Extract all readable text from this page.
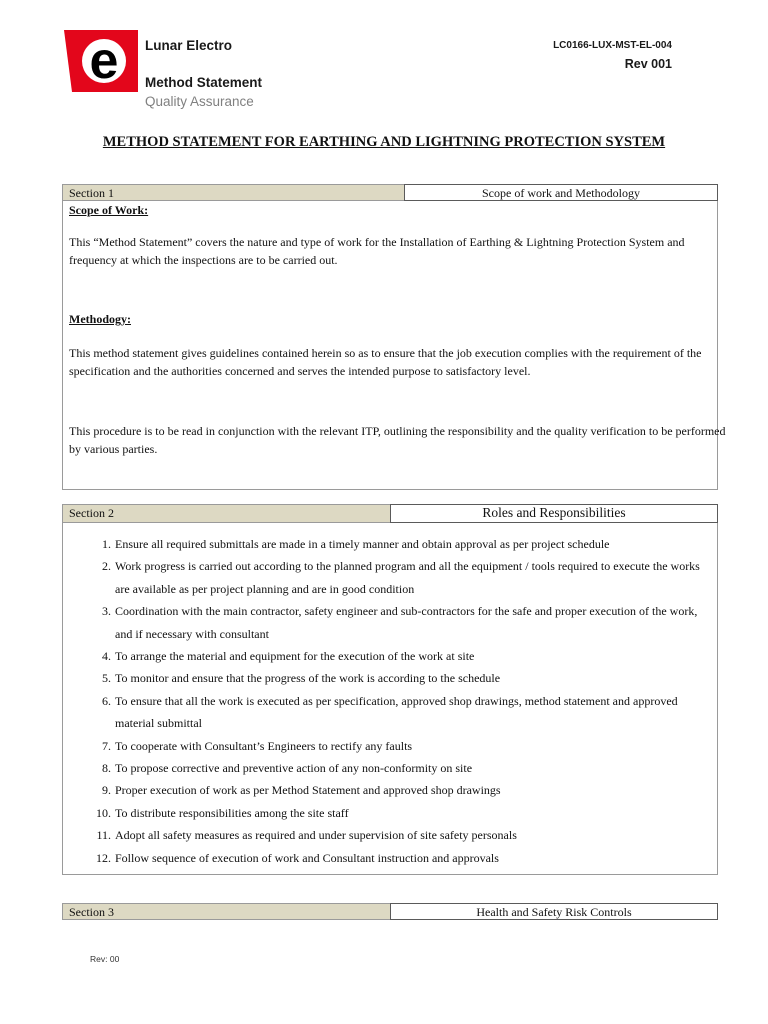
e Lunar Electro
Method Statement
Quality Assurance
LC0166-LUX-MST-EL-004
Rev 001
METHOD STATEMENT FOR EARTHING AND LIGHTNING PROTECTION SYSTEM
Section 1	Scope of work and Methodology
Scope of Work:
This “Method Statement” covers the nature and type of work for the Installation of Earthing & Lightning Protection System and frequency at which the inspections are to be carried out.
Methodogy:
This method statement gives guidelines contained herein so as to ensure that the job execution complies with the requirement of the specification and the authorities concerned and serves the intended purpose to satisfactory level.
This procedure is to be read in conjunction with the relevant ITP, outlining the responsibility and the quality verification to be performed by various parties.
Section 2	Roles and Responsibilities
1. Ensure all required submittals are made in a timely manner and obtain approval as per project schedule
2. Work progress is carried out according to the planned program and all the equipment / tools required to execute the works are available as per project planning and are in good condition
3. Coordination with the main contractor, safety engineer and sub-contractors for the safe and proper execution of the work, and if necessary with consultant
4. To arrange the material and equipment for the execution of the work at site
5. To monitor and ensure that the progress of the work is according to the schedule
6. To ensure that all the work is executed as per specification, approved shop drawings, method statement and approved material submittal
7. To cooperate with Consultant’s Engineers to rectify any faults
8. To propose corrective and preventive action of any non-conformity on site
9. Proper execution of work as per Method Statement and approved shop drawings
10. To distribute responsibilities among the site staff
11. Adopt all safety measures as required and under supervision of site safety personals
12. Follow sequence of execution of work and Consultant instruction and approvals
Section 3	Health and Safety Risk Controls
Rev: 00
